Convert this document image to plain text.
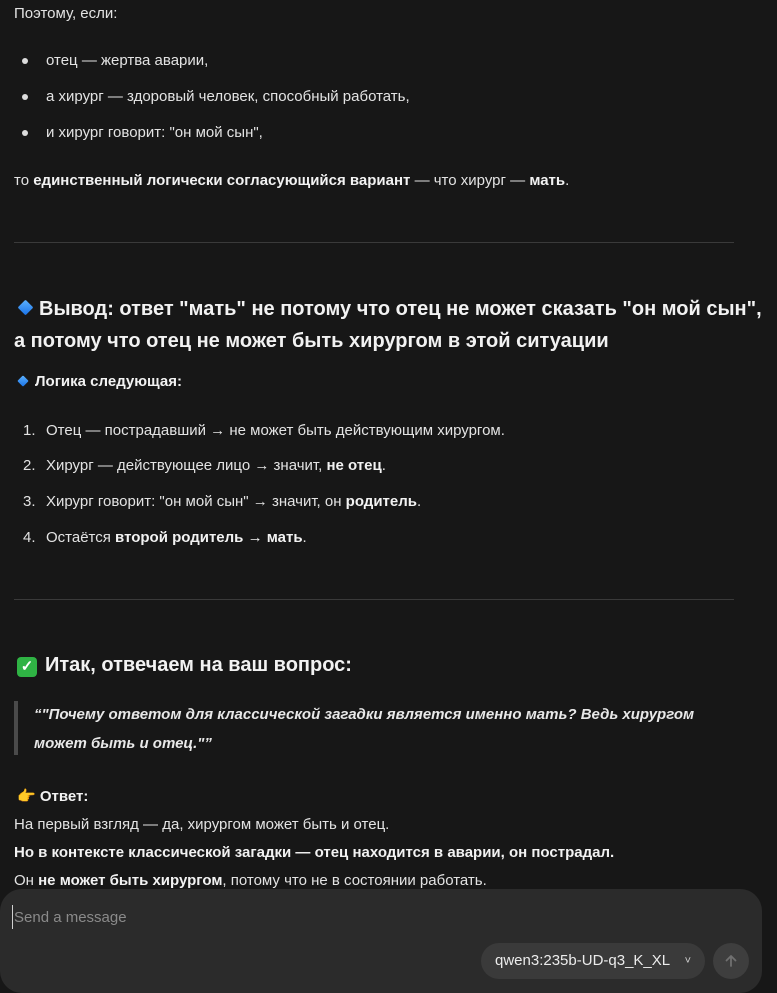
Поэтому, если:
отец — жертва аварии,
а хирург — здоровый человек, способный работать,
и хирург говорит: "он мой сын",
то единственный логически согласующийся вариант — что хирург — мать.
Вывод: ответ "мать" не потому что отец не может сказать "он мой сын",
а потому что отец не может быть хирургом в этой ситуации
Логика следующая:
1. Отец — пострадавший → не может быть действующим хирургом.
2. Хирург — действующее лицо → значит, не отец.
3. Хирург говорит: "он мой сын" → значит, он родитель.
4. Остаётся второй родитель → мать.
✓ Итак, отвечаем на ваш вопрос:
“"Почему ответом для классической загадки является именно мать? Ведь хирургом
может быть и отец."”
👉 Ответ:
На первый взгляд — да, хирургом может быть и отец.
Но в контексте классической загадки — отец находится в аварии, он пострадал.
Он не может быть хирургом, потому что не в состоянии работать.
Send a message
qwen3:235b-UD-q3_K_XL ˅
